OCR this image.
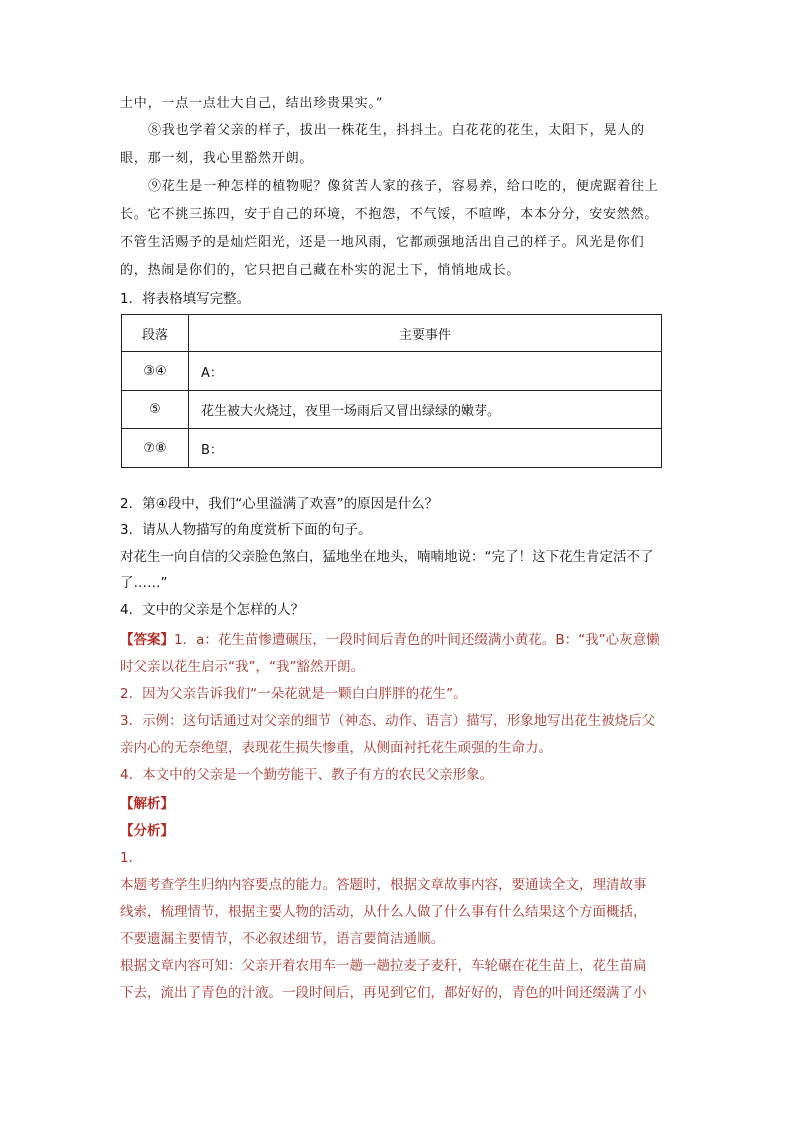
土中，一点一点壮大自己，结出珍贵果实。”
⑧我也学着父亲的样子，拔出一株花生，抖抖土。白花花的花生，太阳下，晃人的
眼，那一刻，我心里豁然开朗。
⑨花生是一种怎样的植物呢？像贫苦人家的孩子，容易养，给口吃的，便虎踞着往上
长。它不挑三拣四，安于自己的环境，不抱怨，不气馁，不喧哗，本本分分，安安然然。
不管生活赐予的是灿烂阳光，还是一地风雨，它都顽强地活出自己的样子。风光是你们
的，热闹是你们的，它只把自己藏在朴实的泥土下，悄悄地成长。
1．将表格填写完整。
段落	主要事件
③④	A：
⑤	花生被大火烧过，夜里一场雨后又冒出绿绿的嫩芽。
⑦⑧	B：
2．第④段中，我们“心里溢满了欢喜”的原因是什么？
3．请从人物描写的角度赏析下面的句子。
对花生一向自信的父亲脸色煞白，猛地坐在地头，喃喃地说：“完了！这下花生肯定活不了
了……”
4．文中的父亲是个怎样的人？
【答案】1．a：花生苗惨遭碾压，一段时间后青色的叶间还缀满小黄花。B：“我”心灰意懒
时父亲以花生启示“我”，“我”豁然开朗。
2．因为父亲告诉我们“一朵花就是一颗白白胖胖的花生”。
3．示例：这句话通过对父亲的细节（神态、动作、语言）描写，形象地写出花生被烧后父
亲内心的无奈绝望，表现花生损失惨重，从侧面衬托花生顽强的生命力。
4．本文中的父亲是一个勤劳能干、教子有方的农民父亲形象。
【解析】
【分析】
1．
本题考查学生归纳内容要点的能力。答题时，根据文章故事内容，要通读全文，理清故事
线索，梳理情节，根据主要人物的活动，从什么人做了什么事有什么结果这个方面概括，
不要遗漏主要情节，不必叙述细节，语言要简洁通顺。
根据文章内容可知：父亲开着农用车一趟一趟拉麦子麦秆，车轮碾在花生苗上，花生苗扁
下去，流出了青色的汁液。一段时间后，再见到它们，都好好的，青色的叶间还缀满了小
